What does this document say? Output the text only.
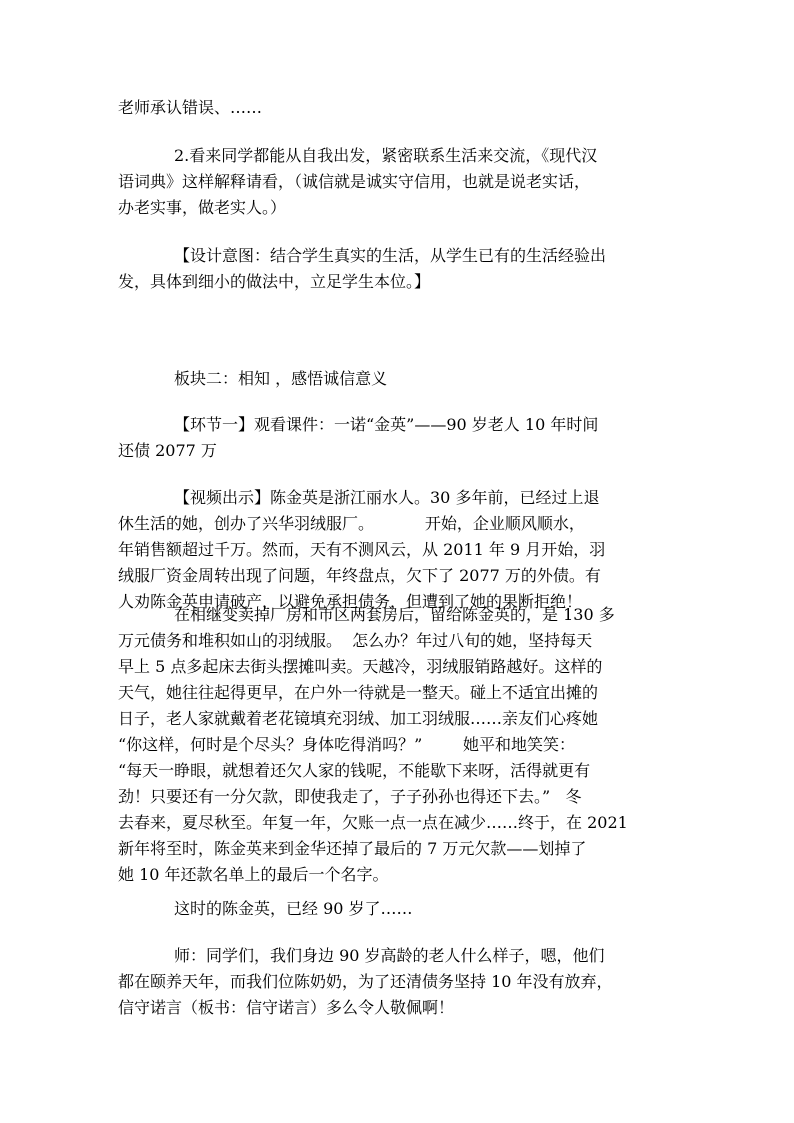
老师承认错误、……
2.看来同学都能从自我出发，紧密联系生活来交流，《现代汉
语词典》这样解释请看，（诚信就是诚实守信用，也就是说老实话，
办老实事，做老实人。）
【设计意图：结合学生真实的生活，从学生已有的生活经验出
发，具体到细小的做法中，立足学生本位。】
板块二：相知 ，感悟诚信意义
【环节一】观看课件：一诺“金英”——90 岁老人 10 年时间
还债 2077 万
【视频出示】陈金英是浙江丽水人。30 多年前，已经过上退
休生活的她，创办了兴华羽绒服厂。          开始，企业顺风顺水，
年销售额超过千万。然而，天有不测风云，从 2011 年 9 月开始，羽
绒服厂资金周转出现了问题，年终盘点，欠下了 2077 万的外债。有
人劝陈金英申请破产，以避免承担债务，但遭到了她的果断拒绝！
在相继变卖掉厂房和市区两套房后，留给陈金英的，是 130 多
万元债务和堆积如山的羽绒服。  怎么办？年过八旬的她，坚持每天
早上 5 点多起床去街头摆摊叫卖。天越冷，羽绒服销路越好。这样的
天气，她往往起得更早，在户外一待就是一整天。碰上不适宜出摊的
日子，老人家就戴着老花镜填充羽绒、加工羽绒服……亲友们心疼她
“你这样，何时是个尽头？身体吃得消吗？”        她平和地笑笑：
“每天一睁眼，就想着还欠人家的钱呢，不能歇下来呀，活得就更有
劲！只要还有一分欠款，即使我走了，子子孙孙也得还下去。”   冬
去春来，夏尽秋至。年复一年，欠账一点一点在减少……终于，在 2021
新年将至时，陈金英来到金华还掉了最后的 7 万元欠款——划掉了
她 10 年还款名单上的最后一个名字。
这时的陈金英，已经 90 岁了……
师：同学们，我们身边 90 岁高龄的老人什么样子，嗯，他们
都在颐养天年，而我们位陈奶奶，为了还清债务坚持 10 年没有放弃，
信守诺言（板书：信守诺言）多么令人敬佩啊！
